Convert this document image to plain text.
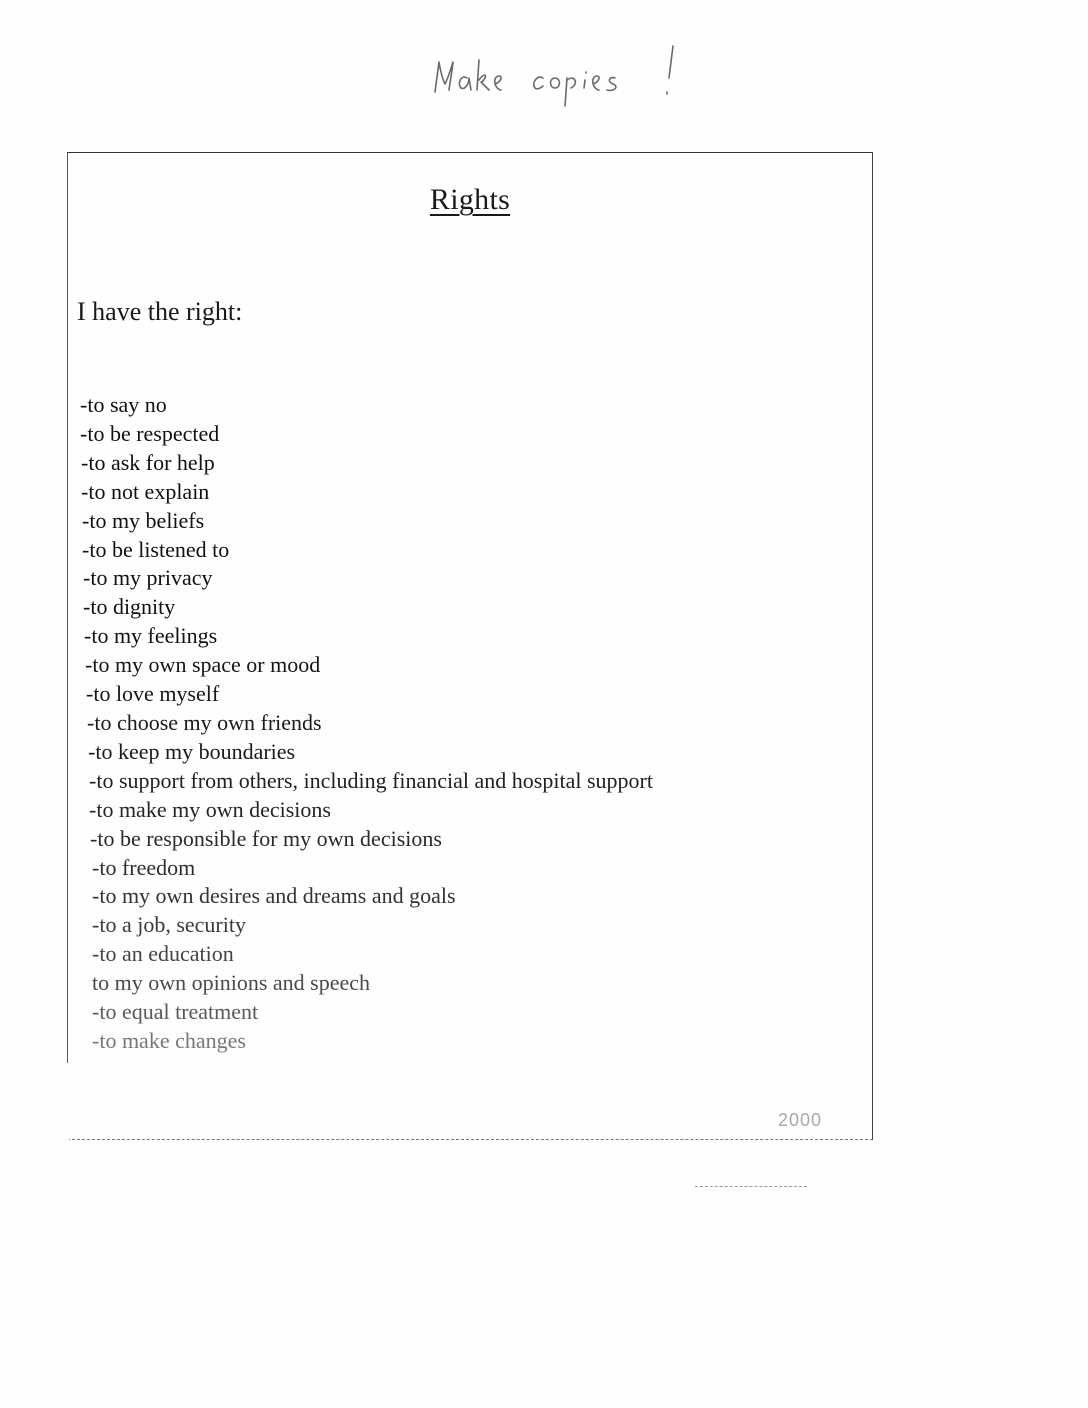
Rights

I have the right:

-to say no
-to be respected
-to ask for help
-to not explain
-to my beliefs
-to be listened to
-to my privacy
-to dignity
-to my feelings
-to my own space or mood
-to love myself
-to choose my own friends
-to keep my boundaries
-to support from others, including financial and hospital support
-to make my own decisions
-to be responsible for my own decisions
-to freedom
-to my own desires and dreams and goals
-to a job, security
-to an education
to my own opinions and speech
-to equal treatment
-to make changes
2000
